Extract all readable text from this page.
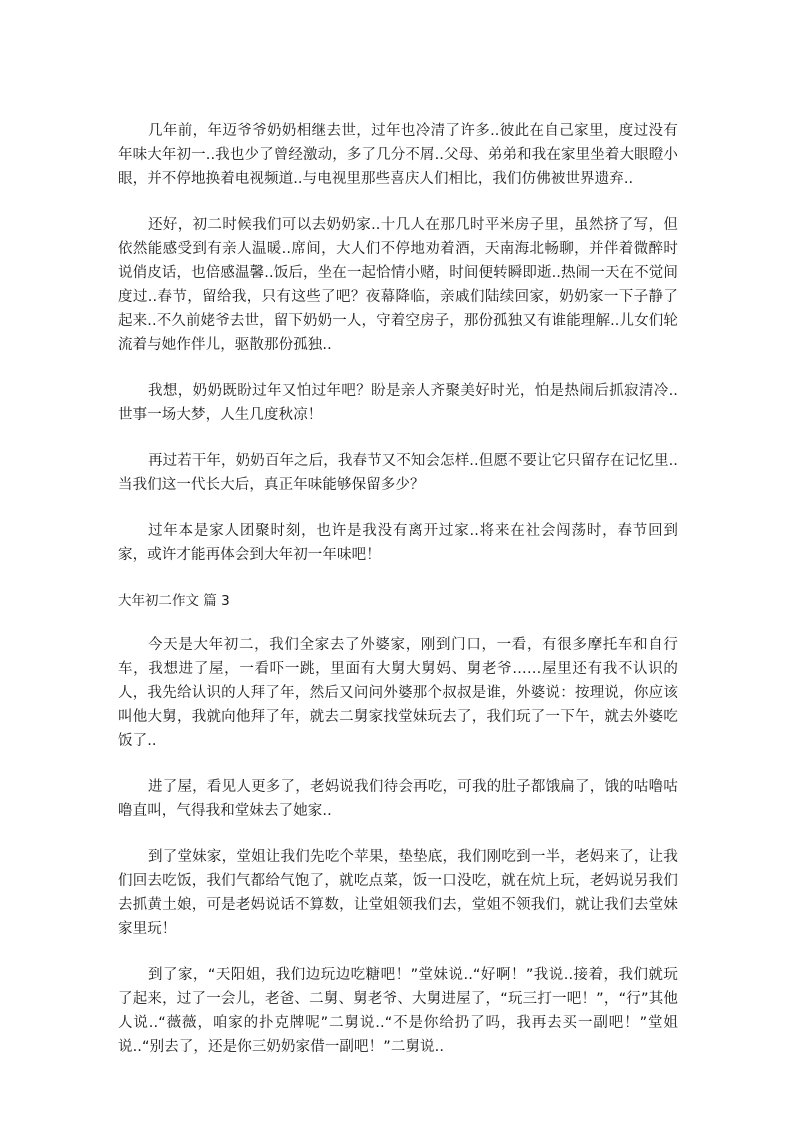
几年前，年迈爷爷奶奶相继去世，过年也冷清了许多..彼此在自己家里，度过没有年味大年初一..我也少了曾经激动，多了几分不屑..父母、弟弟和我在家里坐着大眼瞪小眼，并不停地换着电视频道..与电视里那些喜庆人们相比，我们仿佛被世界遗弃..

还好，初二时候我们可以去奶奶家..十几人在那几时平米房子里，虽然挤了写，但依然能感受到有亲人温暖..席间，大人们不停地劝着酒，天南海北畅聊，并伴着微醉时说俏皮话，也倍感温馨..饭后，坐在一起恰情小赌，时间便转瞬即逝..热闹一天在不觉间度过..春节，留给我，只有这些了吧？夜幕降临，亲戚们陆续回家，奶奶家一下子静了起来..不久前姥爷去世，留下奶奶一人，守着空房子，那份孤独又有谁能理解..儿女们轮流着与她作伴儿，驱散那份孤独..

我想，奶奶既盼过年又怕过年吧？盼是亲人齐聚美好时光，怕是热闹后抓寂清冷..世事一场大梦，人生几度秋凉！

再过若干年，奶奶百年之后，我春节又不知会怎样..但愿不要让它只留存在记忆里..当我们这一代长大后，真正年味能够保留多少？

过年本是家人团聚时刻，也许是我没有离开过家..将来在社会闯荡时，春节回到家，或许才能再体会到大年初一年味吧！

大年初二作文 篇 3

今天是大年初二，我们全家去了外婆家，刚到门口，一看，有很多摩托车和自行车，我想进了屋，一看吓一跳，里面有大舅大舅妈、舅老爷……屋里还有我不认识的人，我先给认识的人拜了年，然后又问问外婆那个叔叔是谁，外婆说：按理说，你应该叫他大舅，我就向他拜了年，就去二舅家找堂妹玩去了，我们玩了一下午，就去外婆吃饭了..

进了屋，看见人更多了，老妈说我们待会再吃，可我的肚子都饿扁了，饿的咕噜咕噜直叫，气得我和堂妹去了她家..

到了堂妹家，堂姐让我们先吃个苹果，垫垫底，我们刚吃到一半，老妈来了，让我们回去吃饭，我们气都给气饱了，就吃点菜，饭一口没吃，就在炕上玩，老妈说另我们去抓黄土娘，可是老妈说话不算数，让堂姐领我们去，堂姐不领我们，就让我们去堂妹家里玩！

到了家，“天阳姐，我们边玩边吃糖吧！”堂妹说..“好啊！”我说..接着，我们就玩了起来，过了一会儿，老爸、二舅、舅老爷、大舅进屋了，“玩三打一吧！”，“行”其他人说..“薇薇，咱家的扑克牌呢”二舅说..“不是你给扔了吗，我再去买一副吧！”堂姐说..“别去了，还是你三奶奶家借一副吧！”二舅说..
